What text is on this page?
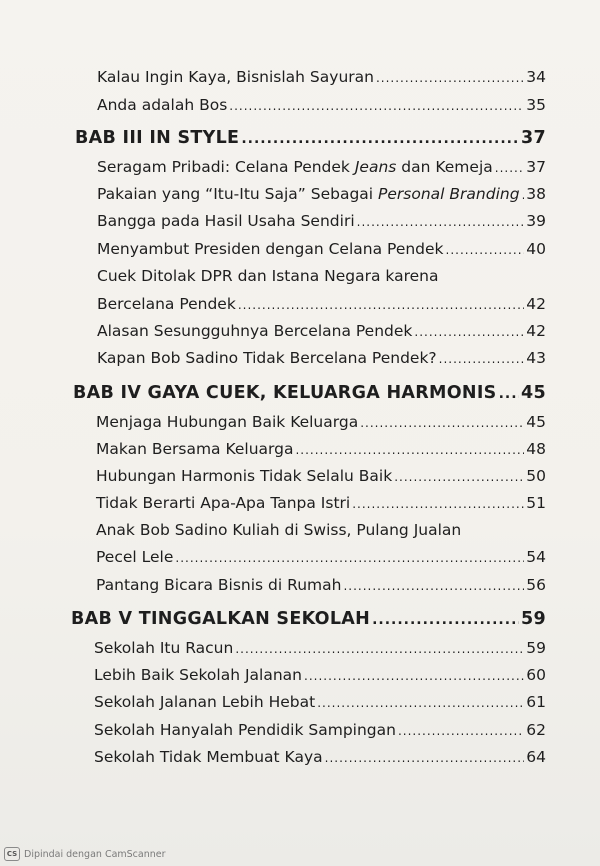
Kalau Ingin Kaya, Bisnislah Sayuran .....	34
Anda adalah Bos .....	35
BAB III IN STYLE .....	37
Seragam Pribadi: Celana Pendek Jeans dan Kemeja ..... 37
Pakaian yang “Itu-Itu Saja” Sebagai Personal Branding ..... 38
Bangga pada Hasil Usaha Sendiri .....	39
Menyambut Presiden dengan Celana Pendek .....	40
Cuek Ditolak DPR dan Istana Negara karena
Bercelana Pendek .....	42
Alasan Sesungguhnya Bercelana Pendek .....	42
Kapan Bob Sadino Tidak Bercelana Pendek? .....	43
BAB IV GAYA CUEK, KELUARGA HARMONIS ..... 45
Menjaga Hubungan Baik Keluarga .....	45
Makan Bersama Keluarga .....	48
Hubungan Harmonis Tidak Selalu Baik .....	50
Tidak Berarti Apa-Apa Tanpa Istri .....	51
Anak Bob Sadino Kuliah di Swiss, Pulang Jualan
Pecel Lele .....	54
Pantang Bicara Bisnis di Rumah .....	56
BAB V TINGGALKAN SEKOLAH .....	59
Sekolah Itu Racun .....	59
Lebih Baik Sekolah Jalanan .....	60
Sekolah Jalanan Lebih Hebat .....	61
Sekolah Hanyalah Pendidik Sampingan .....	62
Sekolah Tidak Membuat Kaya .....	64
CS Dipindai dengan CamScanner
